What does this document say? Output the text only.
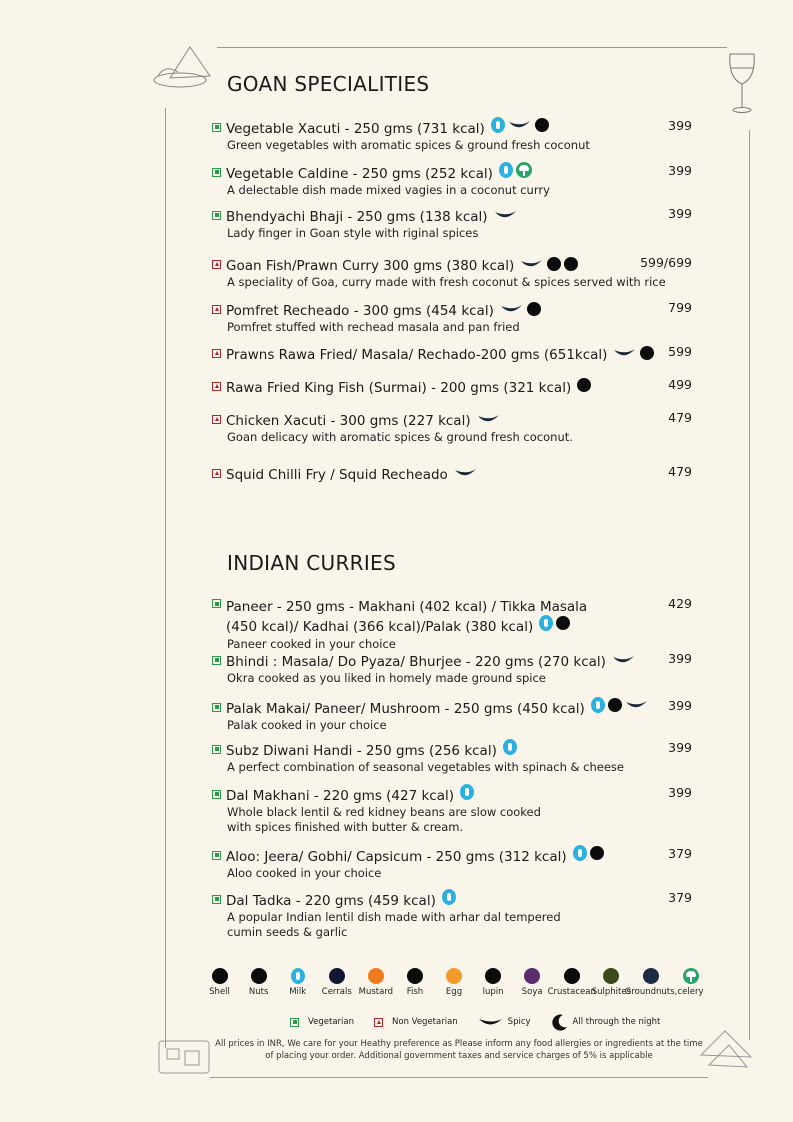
GOAN SPECIALITIES
Vegetable Xacuti - 250 gms (731 kcal)
Green vegetables with aromatic spices & ground fresh coconut
399
Vegetable Caldine - 250 gms (252 kcal)
A delectable dish made mixed vagies in a coconut curry
399
Bhendyachi Bhaji - 250 gms (138 kcal)
Lady finger in Goan style with riginal spices
399
Goan Fish/Prawn Curry 300 gms (380 kcal)
A speciality of Goa, curry made with fresh coconut & spices served with rice
599/699
Pomfret Recheado - 300 gms (454 kcal)
Pomfret stuffed with rechead masala and pan fried
799
Prawns Rawa Fried/ Masala/ Rechado-200 gms (651kcal)	599
Rawa Fried King Fish (Surmai) - 200 gms (321 kcal)	499
Chicken Xacuti - 300 gms (227 kcal)
Goan delicacy with aromatic spices & ground fresh coconut.
479
Squid Chilli Fry / Squid Recheado	479
INDIAN CURRIES
Paneer - 250 gms - Makhani (402 kcal) / Tikka Masala (450 kcal)/ Kadhai (366 kcal)/Palak (380 kcal)
Paneer cooked in your choice
429
Bhindi : Masala/ Do Pyaza/ Bhurjee - 220 gms (270 kcal)
Okra cooked as you liked in homely made ground spice
399
Palak Makai/ Paneer/ Mushroom - 250 gms (450 kcal)
Palak cooked in your choice
399
Subz Diwani Handi - 250 gms (256 kcal)
A perfect combination of seasonal vegetables with spinach & cheese
399
Dal Makhani - 220 gms (427 kcal)
Whole black lentil & red kidney beans are slow cooked
with spices finished with butter & cream.
399
Aloo: Jeera/ Gobhi/ Capsicum - 250 gms (312 kcal)
Aloo cooked in your choice
379
Dal Tadka - 220 gms (459 kcal)
A popular Indian lentil dish made with arhar dal tempered
cumin seeds & garlic
379
Shell Nuts Milk Cerrals Mustard Fish	Egg lupin Soya Crustacean
Sulphites
Groundnuts, celery
Vegetarian	Non Vegetarian	Spicy	All through the night
All prices in INR, We care for your Heathy preference as Please inform any food allergies or ingredients at the time of placing your order. Additional government taxes and service charges of 5% is applicable
